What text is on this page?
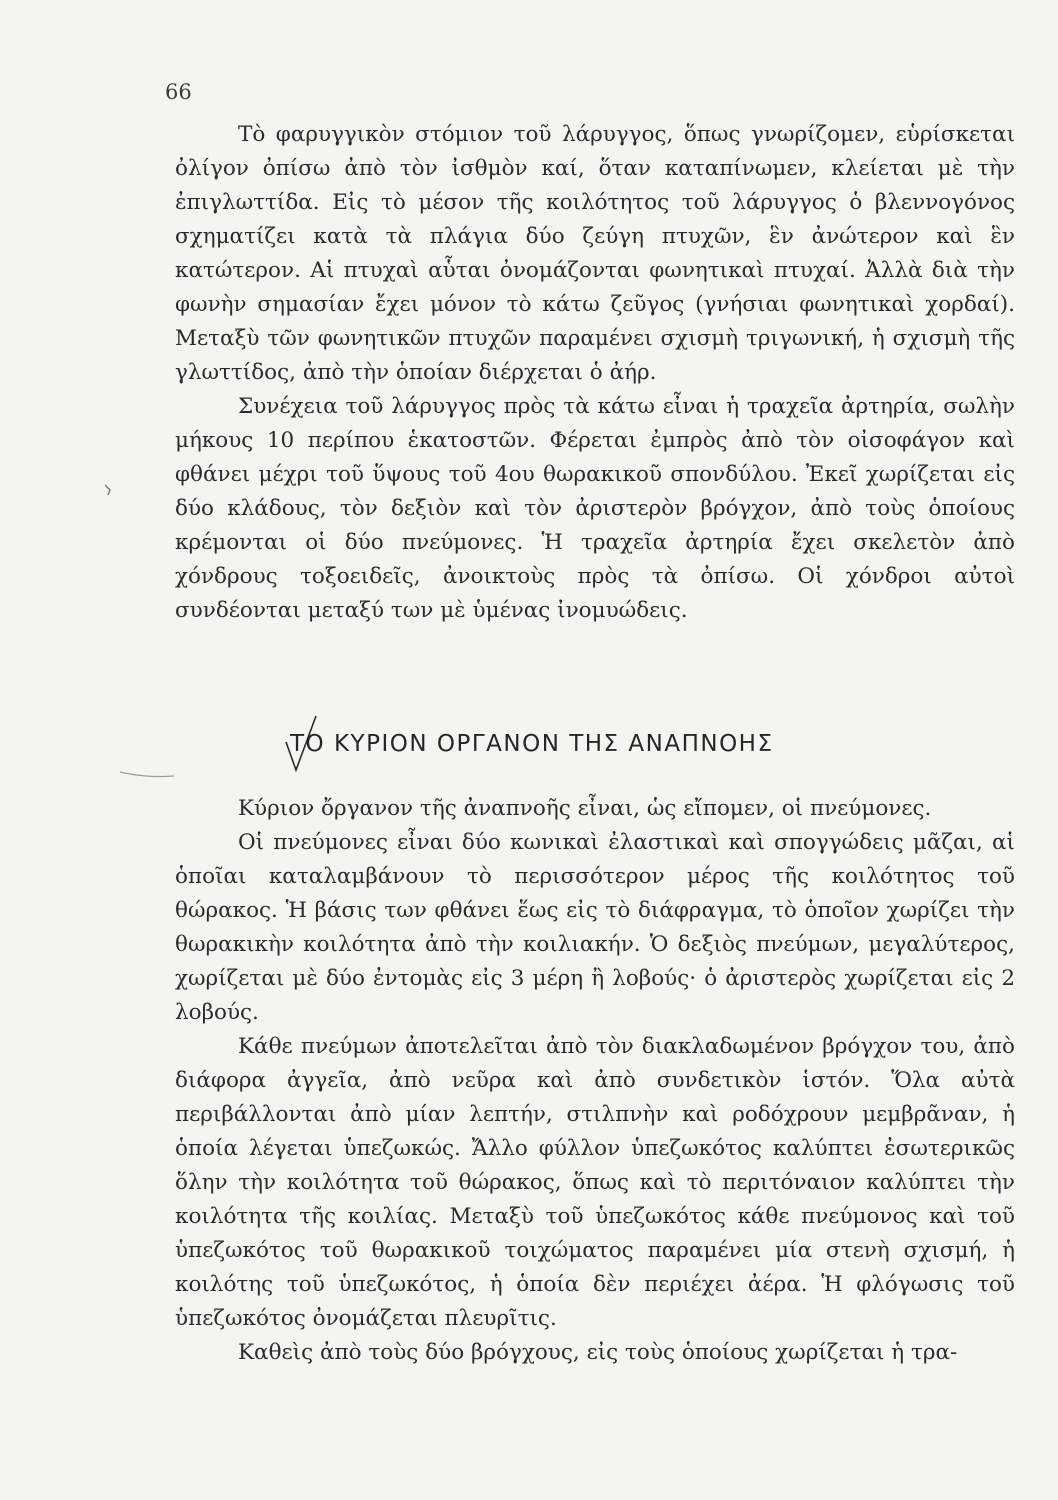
66

Τὸ φαρυγγικὸν στόμιον τοῦ λάρυγγος, ὅπως γνωρίζομεν, εὑρίσκεται ὀλίγον ὀπίσω ἀπὸ τὸν ἰσθμὸν καί, ὅταν καταπίνωμεν, κλείεται μὲ τὴν ἐπιγλωττίδα. Εἰς τὸ μέσον τῆς κοιλότητος τοῦ λάρυγγος ὁ βλεννογόνος σχηματίζει κατὰ τὰ πλάγια δύο ζεύγη πτυχῶν, ἓν ἀνώτερον καὶ ἓν κατώτερον. Αἱ πτυχαὶ αὗται ὀνομάζονται φωνητικαὶ πτυχαί. Ἀλλὰ διὰ τὴν φωνὴν σημασίαν ἔχει μόνον τὸ κάτω ζεῦγος (γνήσιαι φωνητικαὶ χορδαί). Μεταξὺ τῶν φωνητικῶν πτυχῶν παραμένει σχισμὴ τριγωνική, ἡ σχισμὴ τῆς γλωττίδος, ἀπὸ τὴν ὁποίαν διέρχεται ὁ ἀήρ.

Συνέχεια τοῦ λάρυγγος πρὸς τὰ κάτω εἶναι ἡ τραχεῖα ἀρτηρία, σωλὴν μήκους 10 περίπου ἑκατοστῶν. Φέρεται ἐμπρὸς ἀπὸ τὸν οἰσοφάγον καὶ φθάνει μέχρι τοῦ ὕψους τοῦ 4ου θωρακικοῦ σπονδύλου. Ἐκεῖ χωρίζεται εἰς δύο κλάδους, τὸν δεξιὸν καὶ τὸν ἀριστερὸν βρόγχον, ἀπὸ τοὺς ὁποίους κρέμονται οἱ δύο πνεύμονες. Ἡ τραχεῖα ἀρτηρία ἔχει σκελετὸν ἀπὸ χόνδρους τοξοειδεῖς, ἀνοικτοὺς πρὸς τὰ ὀπίσω. Οἱ χόνδροι αὐτοὶ συνδέονται μεταξύ των μὲ ὑμένας ἰνομυώδεις.

ΤΟ ΚΥΡΙΟΝ ΟΡΓΑΝΟΝ ΤΗΣ ΑΝΑΠΝΟΗΣ

Κύριον ὄργανον τῆς ἀναπνοῆς εἶναι, ὡς εἴπομεν, οἱ πνεύμονες.

Οἱ πνεύμονες εἶναι δύο κωνικαὶ ἐλαστικαὶ καὶ σπογγώδεις μᾶζαι, αἱ ὁποῖαι καταλαμβάνουν τὸ περισσότερον μέρος τῆς κοιλότητος τοῦ θώρακος. Ἡ βάσις των φθάνει ἕως εἰς τὸ διάφραγμα, τὸ ὁποῖον χωρίζει τὴν θωρακικὴν κοιλότητα ἀπὸ τὴν κοιλιακήν. Ὁ δεξιὸς πνεύμων, μεγαλύτερος, χωρίζεται μὲ δύο ἐντομὰς εἰς 3 μέρη ἢ λοβούς· ὁ ἀριστερὸς χωρίζεται εἰς 2 λοβούς.

Κάθε πνεύμων ἀποτελεῖται ἀπὸ τὸν διακλαδωμένον βρόγχον του, ἀπὸ διάφορα ἀγγεῖα, ἀπὸ νεῦρα καὶ ἀπὸ συνδετικὸν ἱστόν. Ὅλα αὐτὰ περιβάλλονται ἀπὸ μίαν λεπτήν, στιλπνὴν καὶ ροδόχρουν μεμβρᾶναν, ἡ ὁποία λέγεται ὑπεζωκώς. Ἄλλο φύλλον ὑπεζωκότος καλύπτει ἐσωτερικῶς ὅλην τὴν κοιλότητα τοῦ θώρακος, ὅπως καὶ τὸ περιτόναιον καλύπτει τὴν κοιλότητα τῆς κοιλίας. Μεταξὺ τοῦ ὑπεζωκότος κάθε πνεύμονος καὶ τοῦ ὑπεζωκότος τοῦ θωρακικοῦ τοιχώματος παραμένει μία στενὴ σχισμή, ἡ κοιλότης τοῦ ὑπεζωκότος, ἡ ὁποία δὲν περιέχει ἀέρα. Ἡ φλόγωσις τοῦ ὑπεζωκότος ὀνομάζεται πλευρῖτις.

Καθεὶς ἀπὸ τοὺς δύο βρόγχους, εἰς τοὺς ὁποίους χωρίζεται ἡ τρα-
